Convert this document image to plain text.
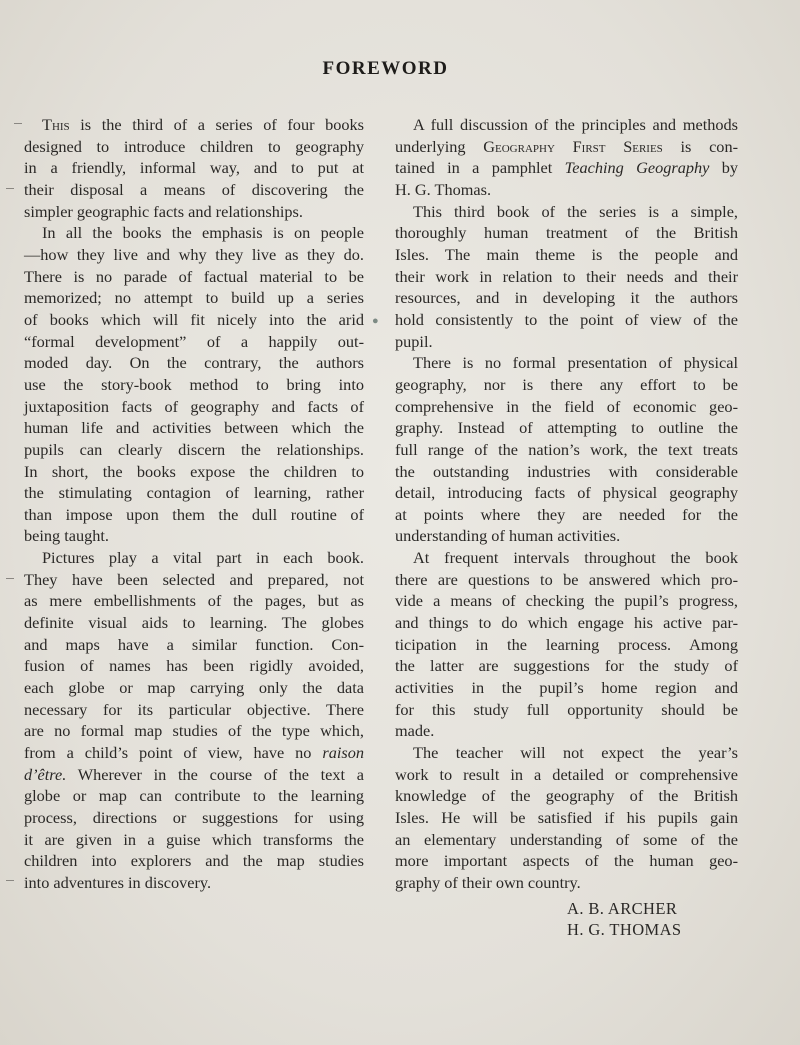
FOREWORD
This is the third of a series of four books
designed to introduce children to geography
in a friendly, informal way, and to put at
their disposal a means of discovering the
simpler geographic facts and relationships.
In all the books the emphasis is on people
—how they live and why they live as they do.
There is no parade of factual material to be
memorized; no attempt to build up a series
of books which will fit nicely into the arid
“formal development” of a happily out-
moded day. On the contrary, the authors
use the story-book method to bring into
juxtaposition facts of geography and facts of
human life and activities between which the
pupils can clearly discern the relationships.
In short, the books expose the children to
the stimulating contagion of learning, rather
than impose upon them the dull routine of
being taught.
Pictures play a vital part in each book.
They have been selected and prepared, not
as mere embellishments of the pages, but as
definite visual aids to learning. The globes
and maps have a similar function. Con-
fusion of names has been rigidly avoided,
each globe or map carrying only the data
necessary for its particular objective. There
are no formal map studies of the type which,
from a child’s point of view, have no raison
d’être. Wherever in the course of the text a
globe or map can contribute to the learning
process, directions or suggestions for using
it are given in a guise which transforms the
children into explorers and the map studies
into adventures in discovery.
A full discussion of the principles and methods
underlying Geography First Series is con-
tained in a pamphlet Teaching Geography by
H. G. Thomas.
This third book of the series is a simple,
thoroughly human treatment of the British
Isles. The main theme is the people and
their work in relation to their needs and their
resources, and in developing it the authors
hold consistently to the point of view of the
pupil.
There is no formal presentation of physical
geography, nor is there any effort to be
comprehensive in the field of economic geo-
graphy. Instead of attempting to outline the
full range of the nation’s work, the text treats
the outstanding industries with considerable
detail, introducing facts of physical geography
at points where they are needed for the
understanding of human activities.
At frequent intervals throughout the book
there are questions to be answered which pro-
vide a means of checking the pupil’s progress,
and things to do which engage his active par-
ticipation in the learning process. Among
the latter are suggestions for the study of
activities in the pupil’s home region and
for this study full opportunity should be
made.
The teacher will not expect the year’s
work to result in a detailed or comprehensive
knowledge of the geography of the British
Isles. He will be satisfied if his pupils gain
an elementary understanding of some of the
more important aspects of the human geo-
graphy of their own country.
A. B. ARCHER
H. G. THOMAS
●
